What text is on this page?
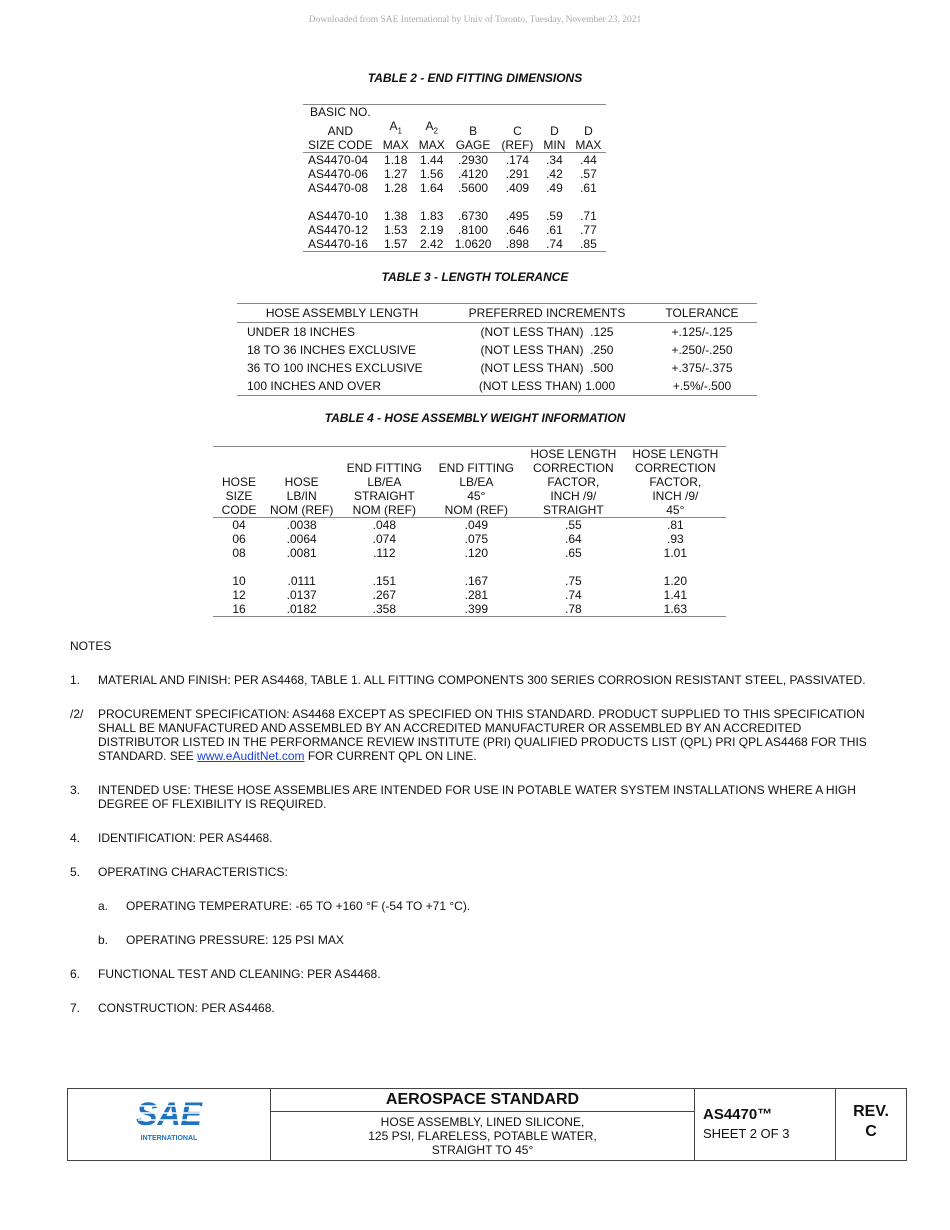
Downloaded from SAE International by Univ of Toronto, Tuesday, November 23, 2021
TABLE 2 - END FITTING DIMENSIONS
BASIC NO.						
AND	$A_1$	$A_2$	B	C	D	D
SIZE CODE	MAX	MAX	GAGE	(REF)	MIN	MAX
AS4470-04	1.18	1.44	.2930	.174	.34	.44
AS4470-06	1.27	1.56	.4120	.291	.42	.57
AS4470-08	1.28	1.64	.5600	.409	.49	.61

AS4470-10	1.38	1.83	.6730	.495	.59	.71
AS4470-12	1.53	2.19	.8100	.646	.61	.77
AS4470-16	1.57	2.42	1.0620	.898	.74	.85
TABLE 3 - LENGTH TOLERANCE
HOSE ASSEMBLY LENGTH	PREFERRED INCREMENTS	TOLERANCE
UNDER 18 INCHES	(NOT LESS THAN)  .125	+.125/-.125
18 TO 36 INCHES EXCLUSIVE	(NOT LESS THAN)  .250	+.250/-.250
36 TO 100 INCHES EXCLUSIVE	(NOT LESS THAN)  .500	+.375/-.375
100 INCHES AND OVER	(NOT LESS THAN) 1.000	+.5%/-.500
TABLE 4 - HOSE ASSEMBLY WEIGHT INFORMATION
				HOSE LENGTH	HOSE LENGTH
		END FITTING	END FITTING	CORRECTION	CORRECTION
HOSE	HOSE	LB/EA	LB/EA	FACTOR,	FACTOR,
SIZE	LB/IN	STRAIGHT	45°	INCH /9/	INCH /9/
CODE	NOM (REF)	NOM (REF)	NOM (REF)	STRAIGHT	45°
04	.0038	.048	.049	.55	.81
06	.0064	.074	.075	.64	.93
08	.0081	.112	.120	.65	1.01

10	.0111	.151	.167	.75	1.20
12	.0137	.267	.281	.74	1.41
16	.0182	.358	.399	.78	1.63
NOTES
1.	MATERIAL AND FINISH: PER AS4468, TABLE 1. ALL FITTING COMPONENTS 300 SERIES CORROSION RESISTANT STEEL, PASSIVATED.
/2/	PROCUREMENT SPECIFICATION: AS4468 EXCEPT AS SPECIFIED ON THIS STANDARD. PRODUCT SUPPLIED TO THIS SPECIFICATION SHALL BE MANUFACTURED AND ASSEMBLED BY AN ACCREDITED MANUFACTURER OR ASSEMBLED BY AN ACCREDITED DISTRIBUTOR LISTED IN THE PERFORMANCE REVIEW INSTITUTE (PRI) QUALIFIED PRODUCTS LIST (QPL) PRI QPL AS4468 FOR THIS STANDARD. SEE www.eAuditNet.com FOR CURRENT QPL ON LINE.
3.	INTENDED USE: THESE HOSE ASSEMBLIES ARE INTENDED FOR USE IN POTABLE WATER SYSTEM INSTALLATIONS WHERE A HIGH DEGREE OF FLEXIBILITY IS REQUIRED.
4.	IDENTIFICATION: PER AS4468.
5.	OPERATING CHARACTERISTICS:
a.	OPERATING TEMPERATURE: -65 TO +160 °F (-54 TO +71 °C).
b.	OPERATING PRESSURE: 125 PSI MAX
6.	FUNCTIONAL TEST AND CLEANING: PER AS4468.
7.	CONSTRUCTION: PER AS4468.
SAE
INTERNATIONAL
AEROSPACE STANDARD
HOSE ASSEMBLY, LINED SILICONE,
125 PSI, FLARELESS, POTABLE WATER,
STRAIGHT TO 45°
AS4470™
SHEET 2 OF 3
REV.
C
